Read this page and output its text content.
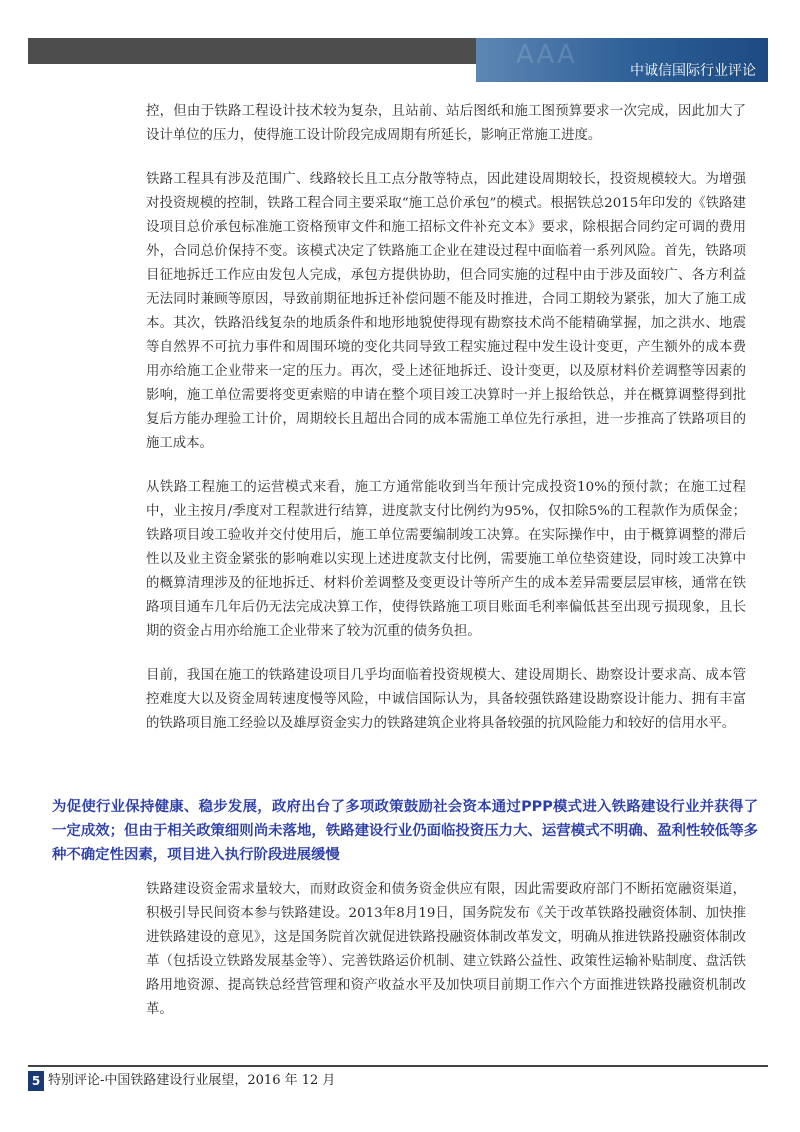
AAA
中诚信国际行业评论

控，但由于铁路工程设计技术较为复杂，且站前、站后图纸和施工图预算要求一次完成，因此加大了设计单位的压力，使得施工设计阶段完成周期有所延长，影响正常施工进度。

铁路工程具有涉及范围广、线路较长且工点分散等特点，因此建设周期较长，投资规模较大。为增强对投资规模的控制，铁路工程合同主要采取“施工总价承包”的模式。根据铁总2015年印发的《铁路建设项目总价承包标准施工资格预审文件和施工招标文件补充文本》要求，除根据合同约定可调的费用外，合同总价保持不变。该模式决定了铁路施工企业在建设过程中面临着一系列风险。首先，铁路项目征地拆迁工作应由发包人完成，承包方提供协助，但合同实施的过程中由于涉及面较广、各方利益无法同时兼顾等原因，导致前期征地拆迁补偿问题不能及时推进，合同工期较为紧张，加大了施工成本。其次，铁路沿线复杂的地质条件和地形地貌使得现有勘察技术尚不能精确掌握，加之洪水、地震等自然界不可抗力事件和周围环境的变化共同导致工程实施过程中发生设计变更，产生额外的成本费用亦给施工企业带来一定的压力。再次，受上述征地拆迁、设计变更，以及原材料价差调整等因素的影响，施工单位需要将变更索赔的申请在整个项目竣工决算时一并上报给铁总，并在概算调整得到批复后方能办理验工计价，周期较长且超出合同的成本需施工单位先行承担，进一步推高了铁路项目的施工成本。

从铁路工程施工的运营模式来看，施工方通常能收到当年预计完成投资10%的预付款；在施工过程中，业主按月/季度对工程款进行结算，进度款支付比例约为95%，仅扣除5%的工程款作为质保金；铁路项目竣工验收并交付使用后，施工单位需要编制竣工决算。在实际操作中，由于概算调整的滞后性以及业主资金紧张的影响难以实现上述进度款支付比例，需要施工单位垫资建设，同时竣工决算中的概算清理涉及的征地拆迁、材料价差调整及变更设计等所产生的成本差异需要层层审核，通常在铁路项目通车几年后仍无法完成决算工作，使得铁路施工项目账面毛利率偏低甚至出现亏损现象，且长期的资金占用亦给施工企业带来了较为沉重的债务负担。

目前，我国在施工的铁路建设项目几乎均面临着投资规模大、建设周期长、勘察设计要求高、成本管控难度大以及资金周转速度慢等风险，中诚信国际认为，具备较强铁路建设勘察设计能力、拥有丰富的铁路项目施工经验以及雄厚资金实力的铁路建筑企业将具备较强的抗风险能力和较好的信用水平。

为促使行业保持健康、稳步发展，政府出台了多项政策鼓励社会资本通过PPP模式进入铁路建设行业并获得了一定成效；但由于相关政策细则尚未落地，铁路建设行业仍面临投资压力大、运营模式不明确、盈利性较低等多种不确定性因素，项目进入执行阶段进展缓慢

铁路建设资金需求量较大，而财政资金和债务资金供应有限，因此需要政府部门不断拓宽融资渠道，积极引导民间资本参与铁路建设。2013年8月19日，国务院发布《关于改革铁路投融资体制、加快推进铁路建设的意见》，这是国务院首次就促进铁路投融资体制改革发文，明确从推进铁路投融资体制改革（包括设立铁路发展基金等）、完善铁路运价机制、建立铁路公益性、政策性运输补贴制度、盘活铁路用地资源、提高铁总经营管理和资产收益水平及加快项目前期工作六个方面推进铁路投融资机制改革。

5 特别评论-中国铁路建设行业展望，2016 年 12 月
